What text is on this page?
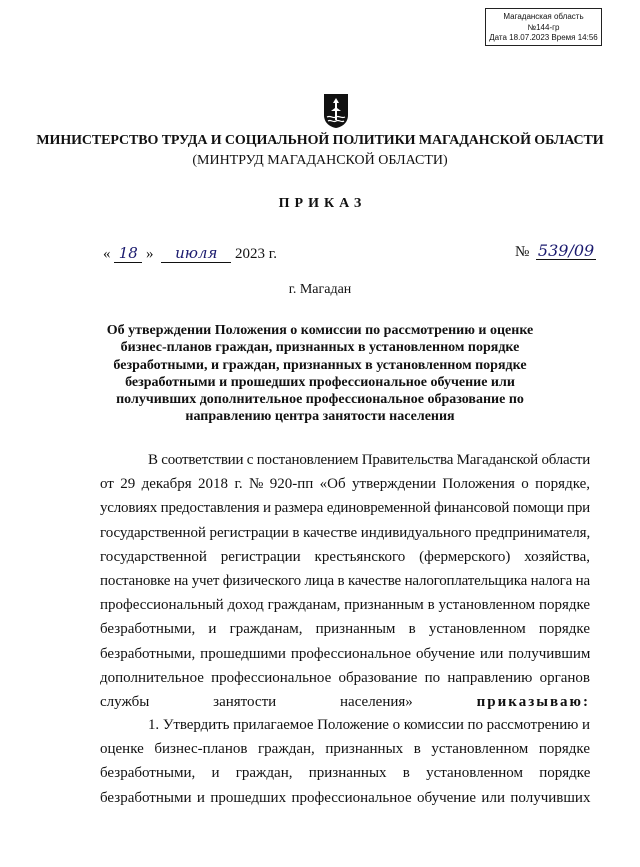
Магаданская область
№144-гр
Дата 18.07.2023 Время 14:56
МИНИСТЕРСТВО ТРУДА И СОЦИАЛЬНОЙ ПОЛИТИКИ МАГАДАНСКОЙ ОБЛАСТИ
(МИНТРУД МАГАДАНСКОЙ ОБЛАСТИ)
ПРИКАЗ
« 18 » июля 2023 г.	№ 539/09
г. Магадан
Об утверждении Положения о комиссии по рассмотрению и оценке
бизнес-планов граждан, признанных в установленном порядке
безработными, и граждан, признанных в установленном порядке
безработными и прошедших профессиональное обучение или
получивших дополнительное профессиональное образование по
направлению центра занятости населения
В соответствии с постановлением Правительства Магаданской области
от 29 декабря 2018 г. № 920-пп «Об утверждении Положения о порядке,
условиях предоставления и размера единовременной финансовой помощи при
государственной регистрации в качестве индивидуального предпринимателя,
государственной регистрации крестьянского (фермерского) хозяйства,
постановке на учет физического лица в качестве налогоплательщика налога на
профессиональный доход гражданам, признанным в установленном порядке
безработными, и гражданам, признанным в установленном порядке
безработными, прошедшими профессиональное обучение или получившим
дополнительное профессиональное образование по направлению органов
службы занятости населения»	приказываю:
1. Утвердить прилагаемое Положение о комиссии по рассмотрению и
оценке бизнес-планов граждан, признанных в установленном порядке
безработными, и граждан, признанных в установленном порядке
безработными и прошедших профессиональное обучение или получивших
